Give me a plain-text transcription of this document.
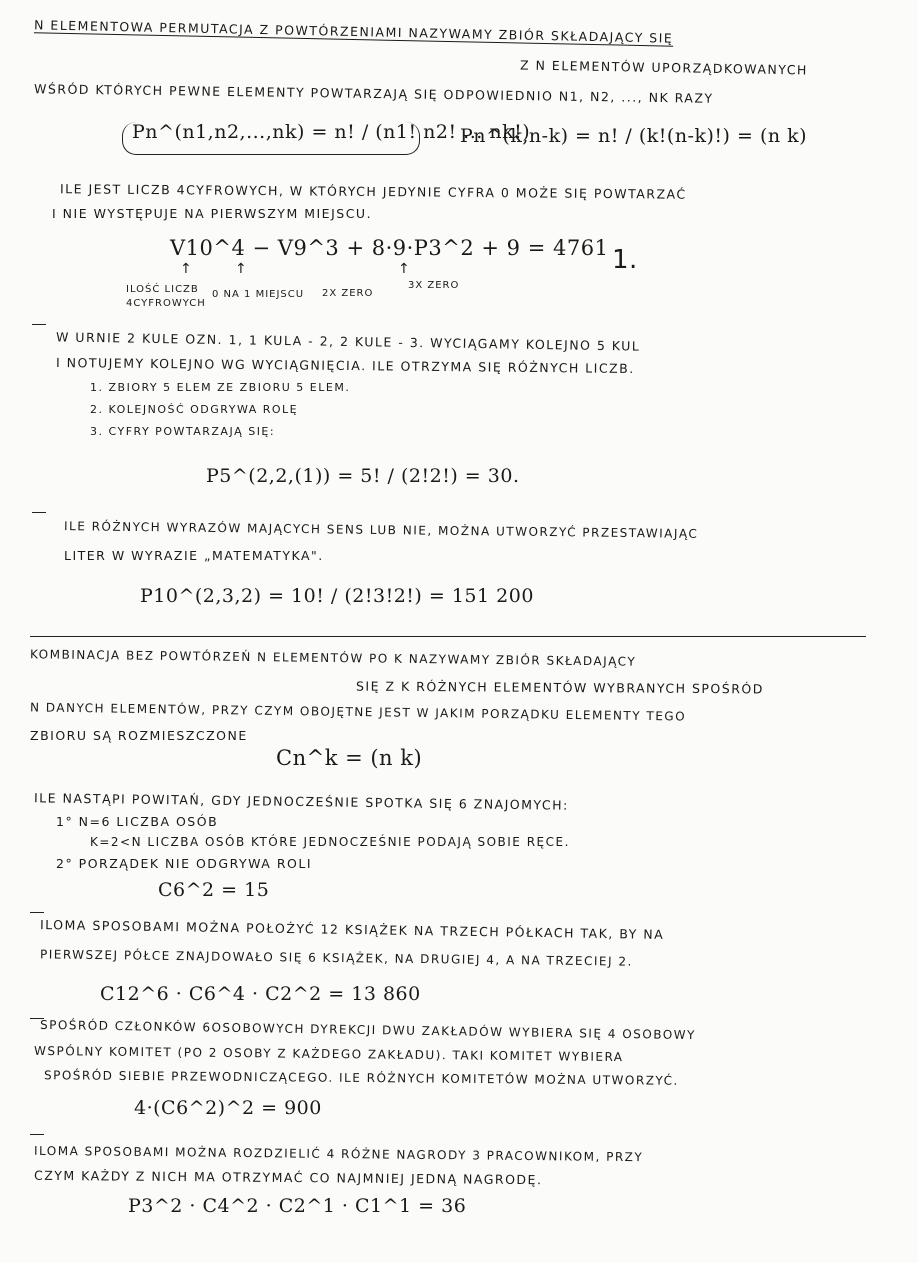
N ELEMENTOWA PERMUTACJA Z POWTÓRZENIAMI NAZYWAMY ZBIÓR SKŁADAJĄCY SIĘ
Z N ELEMENTÓW UPORZĄDKOWANYCH
WŚRÓD KTÓRYCH PEWNE ELEMENTY POWTARZAJĄ SIĘ ODPOWIEDNIO N1, N2, ..., NK RAZY
Pn^(n1,n2,...,nk) = n! / (n1! n2! ... nk!)
Pn^(k,n-k) = n! / (k!(n-k)!) = (n k)
ILE JEST LICZB 4CYFROWYCH, W KTÓRYCH JEDYNIE CYFRA 0 MOŻE SIĘ POWTARZAĆ
I NIE WYSTĘPUJE NA PIERWSZYM MIEJSCU.
V10^4 − V9^3 + 8·9·P3^2 + 9 = 4761 1.
↑	↑	↑
ILOŚĆ LICZB 4CYFROWYCH
0 NA 1 MIEJSCU 2X ZERO
3X ZERO
W URNIE 2 KULE OZN. 1, 1 KULA - 2, 2 KULE - 3. WYCIĄGAMY KOLEJNO 5 KUL
I NOTUJEMY KOLEJNO WG WYCIĄGNIĘCIA. ILE OTRZYMA SIĘ RÓŻNYCH LICZB.
1. ZBIORY 5 ELEM ZE ZBIORU 5 ELEM.
2. KOLEJNOŚĆ ODGRYWA ROLĘ
3. CYFRY POWTARZAJĄ SIĘ:
P5^(2,2,(1)) = 5! / (2!2!) = 30.
ILE RÓŻNYCH WYRAZÓW MAJĄCYCH SENS LUB NIE, MOŻNA UTWORZYĆ PRZESTAWIAJĄC
LITER W WYRAZIE „MATEMATYKA".
P10^(2,3,2) = 10! / (2!3!2!) = 151 200
KOMBINACJA BEZ POWTÓRZEŃ N ELEMENTÓW PO K NAZYWAMY ZBIÓR SKŁADAJĄCY
SIĘ Z K RÓŻNYCH ELEMENTÓW WYBRANYCH SPOŚRÓD
N DANYCH ELEMENTÓW, PRZY CZYM OBOJĘTNE JEST W JAKIM PORZĄDKU ELEMENTY TEGO
ZBIORU SĄ ROZMIESZCZONE
Cn^k = (n k)
ILE NASTĄPI POWITAŃ, GDY JEDNOCZEŚNIE SPOTKA SIĘ 6 ZNAJOMYCH:
1° N=6 LICZBA OSÓB
K=2<N LICZBA OSÓB KTÓRE JEDNOCZEŚNIE PODAJĄ SOBIE RĘCE.
2° PORZĄDEK NIE ODGRYWA ROLI
C6^2 = 15
ILOMA SPOSOBAMI MOŻNA POŁOŻYĆ 12 KSIĄŻEK NA TRZECH PÓŁKACH TAK, BY NA
PIERWSZEJ PÓŁCE ZNAJDOWAŁO SIĘ 6 KSIĄŻEK, NA DRUGIEJ 4, A NA TRZECIEJ 2.
C12^6 · C6^4 · C2^2 = 13 860
SPOŚRÓD CZŁONKÓW 6OSOBOWYCH DYREKCJI DWU ZAKŁADÓW WYBIERA SIĘ 4 OSOBOWY
WSPÓLNY KOMITET (PO 2 OSOBY Z KAŻDEGO ZAKŁADU). TAKI KOMITET WYBIERA
SPOŚRÓD SIEBIE PRZEWODNICZĄCEGO. ILE RÓŻNYCH KOMITETÓW MOŻNA UTWORZYĆ.
4·(C6^2)^2 = 900
ILOMA SPOSOBAMI MOŻNA ROZDZIELIĆ 4 RÓŻNE NAGRODY 3 PRACOWNIKOM, PRZY
CZYM KAŻDY Z NICH MA OTRZYMAĆ CO NAJMNIEJ JEDNĄ NAGRODĘ.
P3^2 · C4^2 · C2^1 · C1^1 = 36
